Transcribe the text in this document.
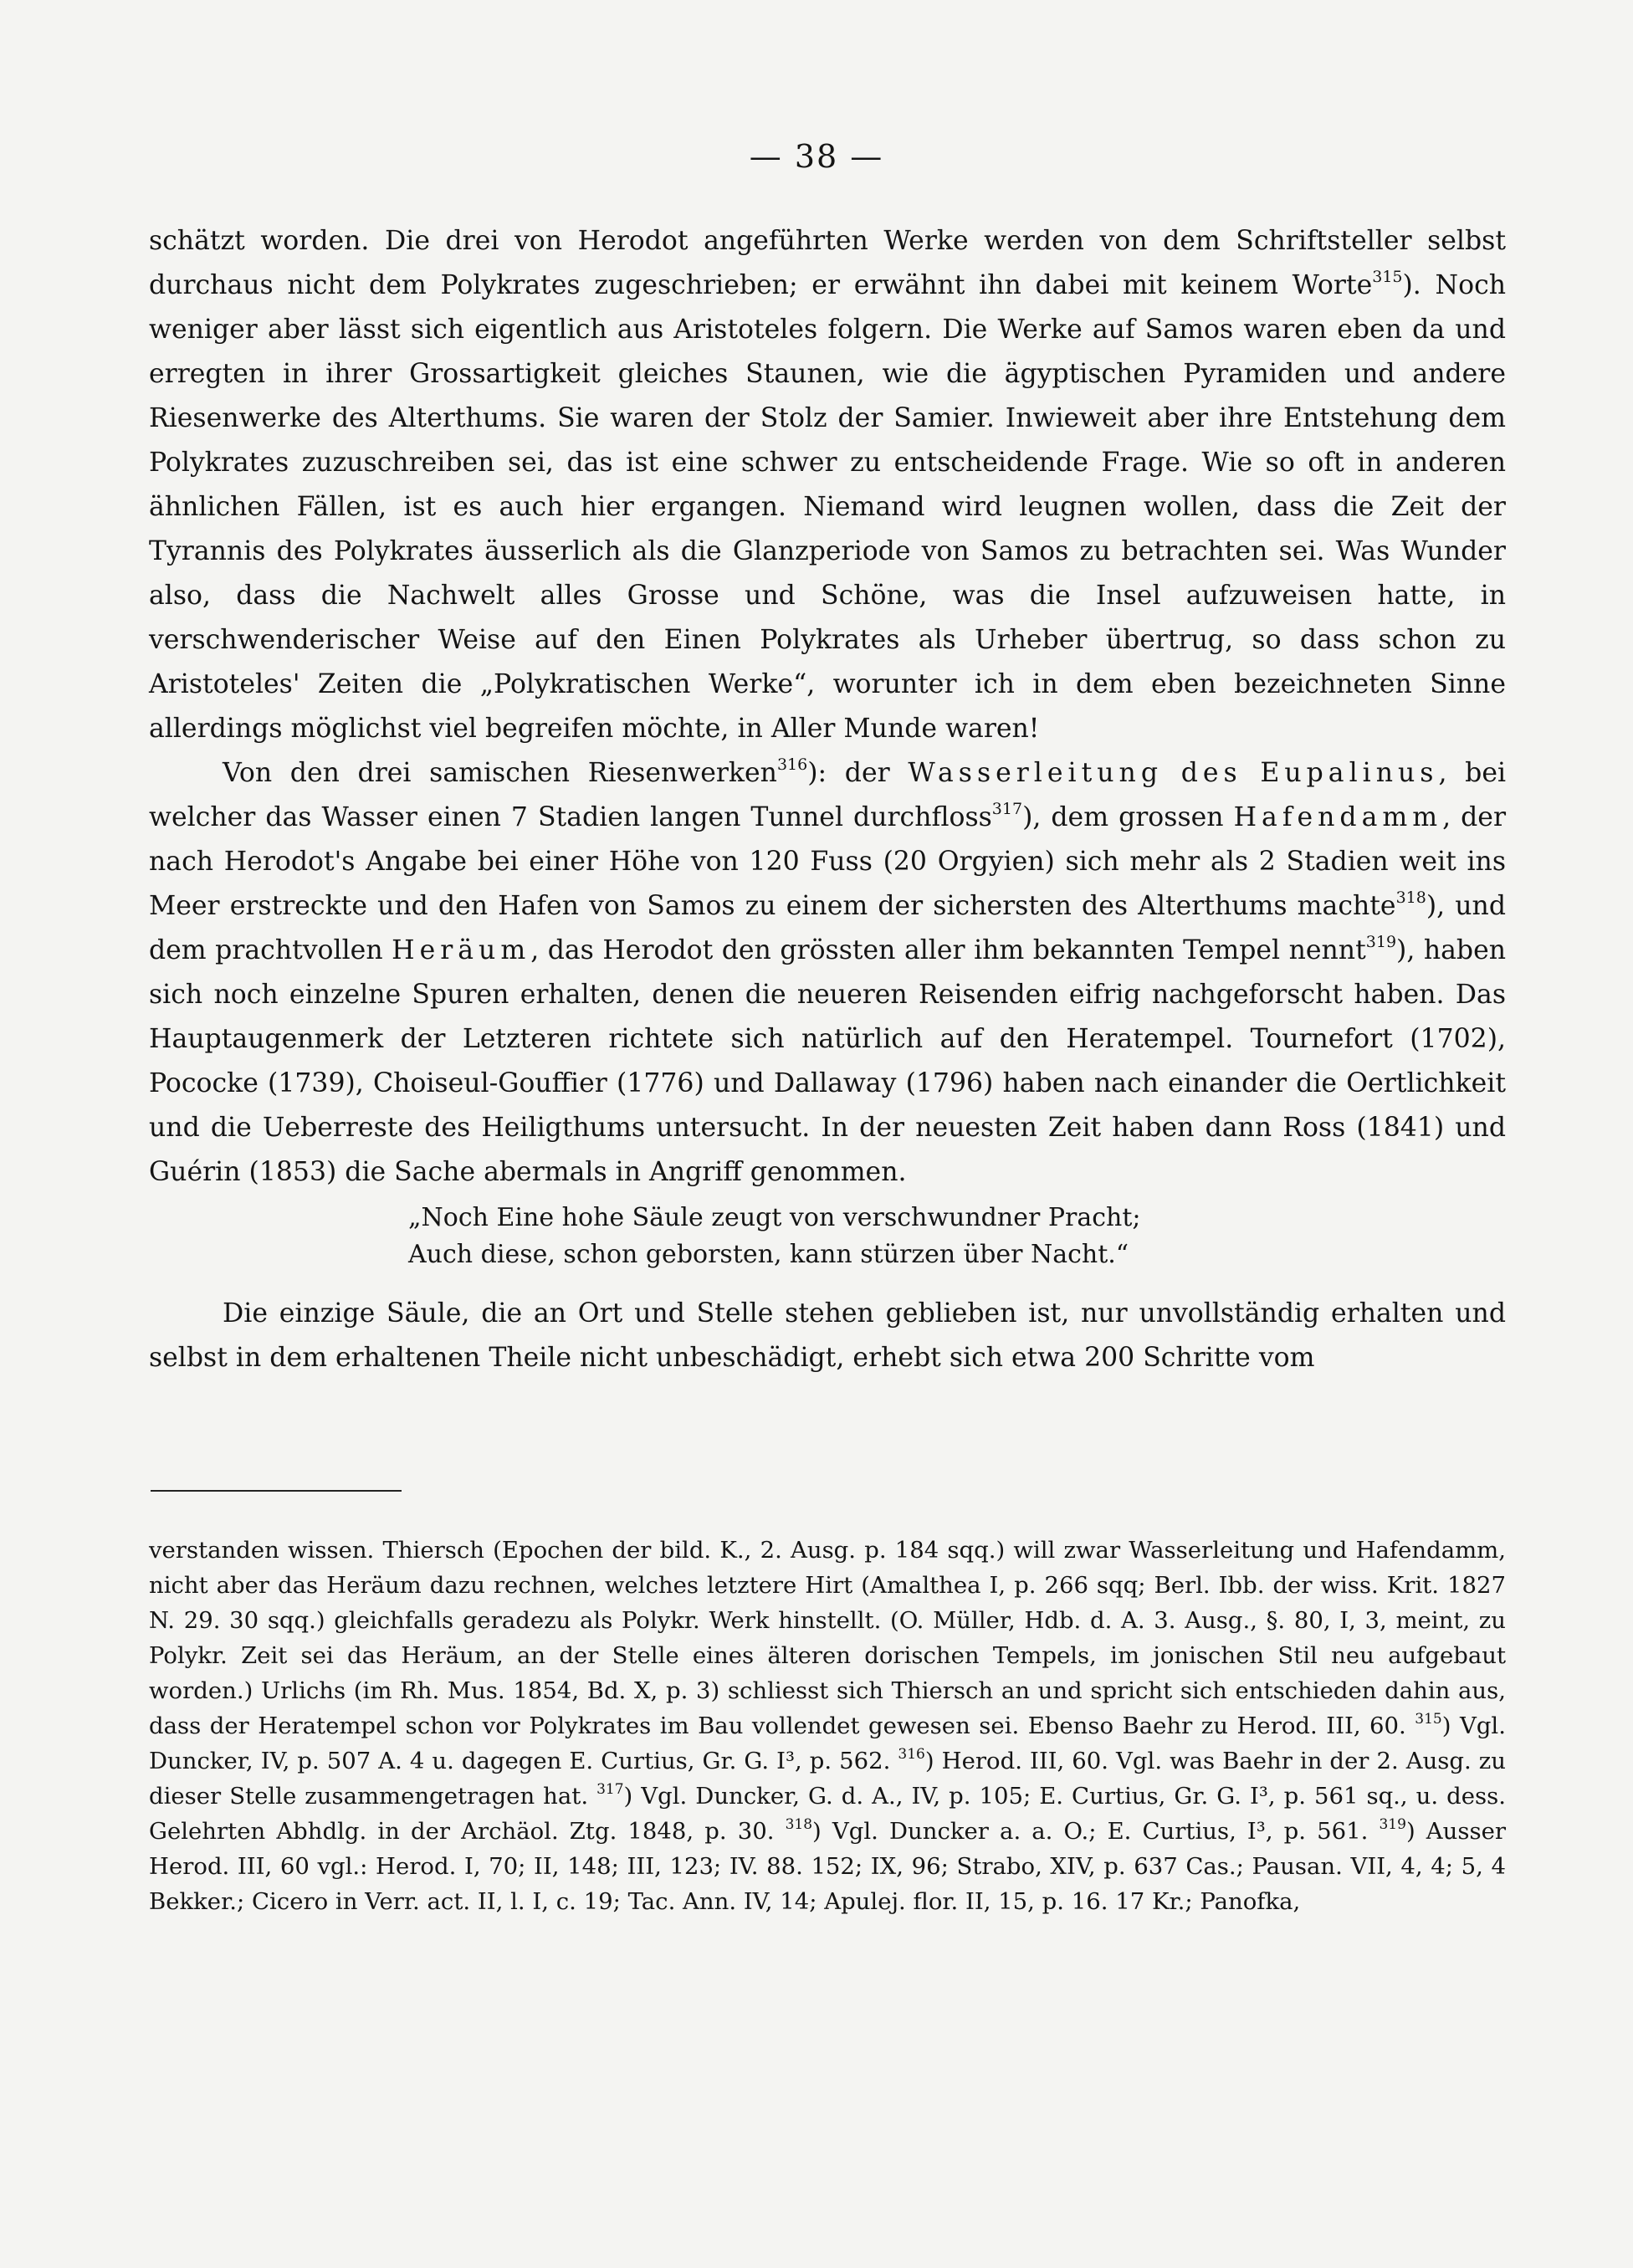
— 38 —

schätzt worden. Die drei von Herodot angeführten Werke werden von dem Schriftsteller selbst durchaus nicht dem Polykrates zugeschrieben; er erwähnt ihn dabei mit keinem Worte$^{315}$). Noch weniger aber lässt sich eigentlich aus Aristoteles folgern. Die Werke auf Samos waren eben da und erregten in ihrer Grossartigkeit gleiches Staunen, wie die ägyptischen Pyramiden und andere Riesenwerke des Alterthums. Sie waren der Stolz der Samier. Inwieweit aber ihre Entstehung dem Polykrates zuzuschreiben sei, das ist eine schwer zu entscheidende Frage. Wie so oft in anderen ähnlichen Fällen, ist es auch hier ergangen. Niemand wird leugnen wollen, dass die Zeit der Tyrannis des Polykrates äusserlich als die Glanzperiode von Samos zu betrachten sei. Was Wunder also, dass die Nachwelt alles Grosse und Schöne, was die Insel aufzuweisen hatte, in verschwenderischer Weise auf den Einen Polykrates als Urheber übertrug, so dass schon zu Aristoteles' Zeiten die „Polykratischen Werke“, worunter ich in dem eben bezeichneten Sinne allerdings möglichst viel begreifen möchte, in Aller Munde waren!

Von den drei samischen Riesenwerken$^{316}$): der Wasserleitung des Eupalinus, bei welcher das Wasser einen 7 Stadien langen Tunnel durchfloss$^{317}$), dem grossen Hafendamm, der nach Herodot's Angabe bei einer Höhe von 120 Fuss (20 Orgyien) sich mehr als 2 Stadien weit ins Meer erstreckte und den Hafen von Samos zu einem der sichersten des Alterthums machte$^{318}$), und dem prachtvollen Heräum, das Herodot den grössten aller ihm bekannten Tempel nennt$^{319}$), haben sich noch einzelne Spuren erhalten, denen die neueren Reisenden eifrig nachgeforscht haben. Das Hauptaugenmerk der Letzteren richtete sich natürlich auf den Heratempel. Tournefort (1702), Pococke (1739), Choiseul-Gouffier (1776) und Dallaway (1796) haben nach einander die Oertlichkeit und die Ueberreste des Heiligthums untersucht. In der neuesten Zeit haben dann Ross (1841) und Guérin (1853) die Sache abermals in Angriff genommen.

„Noch Eine hohe Säule zeugt von verschwundner Pracht;
Auch diese, schon geborsten, kann stürzen über Nacht.“

Die einzige Säule, die an Ort und Stelle stehen geblieben ist, nur unvollständig erhalten und selbst in dem erhaltenen Theile nicht unbeschädigt, erhebt sich etwa 200 Schritte vom

verstanden wissen. Thiersch (Epochen der bild. K., 2. Ausg. p. 184 sqq.) will zwar Wasserleitung und Hafendamm, nicht aber das Heräum dazu rechnen, welches letztere Hirt (Amalthea I, p. 266 sqq; Berl. Ibb. der wiss. Krit. 1827 N. 29. 30 sqq.) gleichfalls geradezu als Polykr. Werk hinstellt. (O. Müller, Hdb. d. A. 3. Ausg., §. 80, I, 3, meint, zu Polykr. Zeit sei das Heräum, an der Stelle eines älteren dorischen Tempels, im jonischen Stil neu aufgebaut worden.) Urlichs (im Rh. Mus. 1854, Bd. X, p. 3) schliesst sich Thiersch an und spricht sich entschieden dahin aus, dass der Heratempel schon vor Polykrates im Bau vollendet gewesen sei. Ebenso Baehr zu Herod. III, 60. $^{315}$) Vgl. Duncker, IV, p. 507 A. 4 u. dagegen E. Curtius, Gr. G. I³, p. 562. $^{316}$) Herod. III, 60. Vgl. was Baehr in der 2. Ausg. zu dieser Stelle zusammengetragen hat. $^{317}$) Vgl. Duncker, G. d. A., IV, p. 105; E. Curtius, Gr. G. I³, p. 561 sq., u. dess. Gelehrten Abhdlg. in der Archäol. Ztg. 1848, p. 30. $^{318}$) Vgl. Duncker a. a. O.; E. Curtius, I³, p. 561. $^{319}$) Ausser Herod. III, 60 vgl.: Herod. I, 70; II, 148; III, 123; IV. 88. 152; IX, 96; Strabo, XIV, p. 637 Cas.; Pausan. VII, 4, 4; 5, 4 Bekker.; Cicero in Verr. act. II, l. I, c. 19; Tac. Ann. IV, 14; Apulej. flor. II, 15, p. 16. 17 Kr.; Panofka,
